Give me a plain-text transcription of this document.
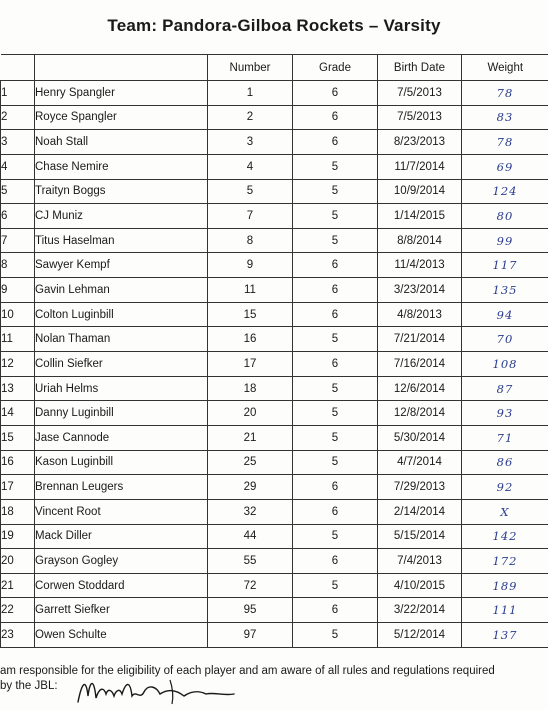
Team: Pandora-Gilboa Rockets – Varsity
		Number	Grade	Birth Date	Weight
1	Henry Spangler	1	6	7/5/2013	78
2	Royce Spangler	2	6	7/5/2013	83
3	Noah Stall	3	6	8/23/2013	78
4	Chase Nemire	4	5	11/7/2014	69
5	Traityn Boggs	5	5	10/9/2014	124
6	CJ Muniz	7	5	1/14/2015	80
7	Titus Haselman	8	5	8/8/2014	99
8	Sawyer Kempf	9	6	11/4/2013	117
9	Gavin Lehman	11	6	3/23/2014	135
10	Colton Luginbill	15	6	4/8/2013	94
11	Nolan Thaman	16	5	7/21/2014	70
12	Collin Siefker	17	6	7/16/2014	108
13	Uriah Helms	18	5	12/6/2014	87
14	Danny Luginbill	20	5	12/8/2014	93
15	Jase Cannode	21	5	5/30/2014	71
16	Kason Luginbill	25	5	4/7/2014	86
17	Brennan Leugers	29	6	7/29/2013	92
18	Vincent Root	32	6	2/14/2014	X
19	Mack Diller	44	5	5/15/2014	142
20	Grayson Gogley	55	6	7/4/2013	172
21	Corwen Stoddard	72	5	4/10/2015	189
22	Garrett Siefker	95	6	3/22/2014	111
23	Owen Schulte	97	5	5/12/2014	137
am responsible for the eligibility of each player and am aware of all rules and regulations required
by the JBL:
